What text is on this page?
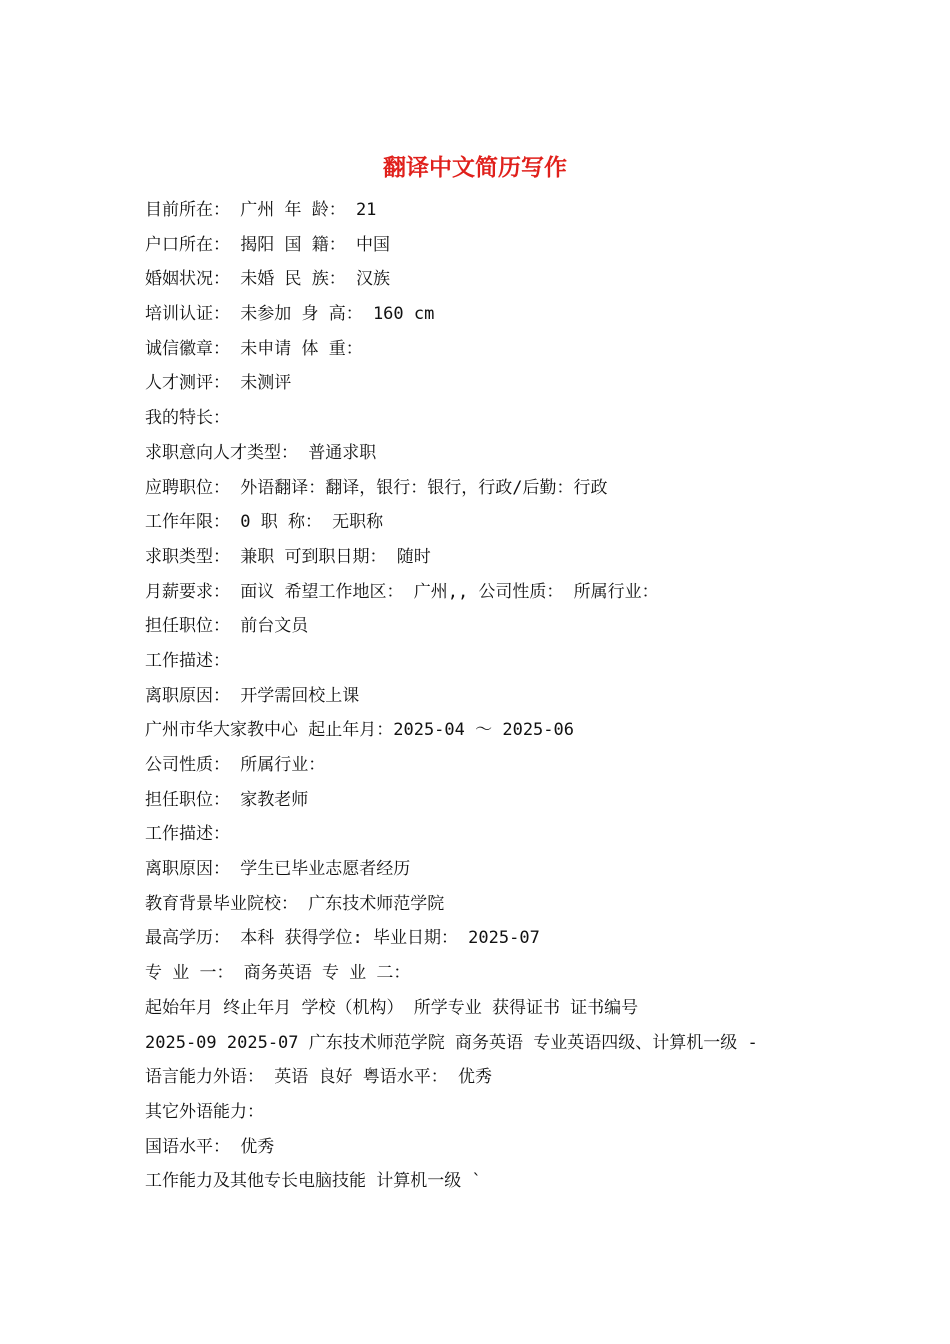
翻译中文简历写作
目前所在： 广州 年 龄： 21
户口所在： 揭阳 国 籍： 中国
婚姻状况： 未婚 民 族： 汉族
培训认证： 未参加 身 高： 160 cm
诚信徽章： 未申请 体 重：
人才测评： 未测评
我的特长：
求职意向人才类型： 普通求职
应聘职位： 外语翻译：翻译，银行：银行，行政/后勤：行政
工作年限： 0 职 称： 无职称
求职类型： 兼职 可到职日期： 随时
月薪要求： 面议 希望工作地区： 广州,, 公司性质： 所属行业：
担任职位： 前台文员
工作描述：
离职原因： 开学需回校上课
广州市华大家教中心 起止年月：2025-04 ～ 2025-06
公司性质： 所属行业：
担任职位： 家教老师
工作描述：
离职原因： 学生已毕业志愿者经历
教育背景毕业院校： 广东技术师范学院
最高学历： 本科 获得学位: 毕业日期： 2025-07
专 业 一： 商务英语 专 业 二：
起始年月 终止年月 学校（机构） 所学专业 获得证书 证书编号
2025-09 2025-07 广东技术师范学院 商务英语 专业英语四级、计算机一级 -
语言能力外语： 英语 良好 粤语水平： 优秀
其它外语能力：
国语水平： 优秀
工作能力及其他专长电脑技能 计算机一级 `
